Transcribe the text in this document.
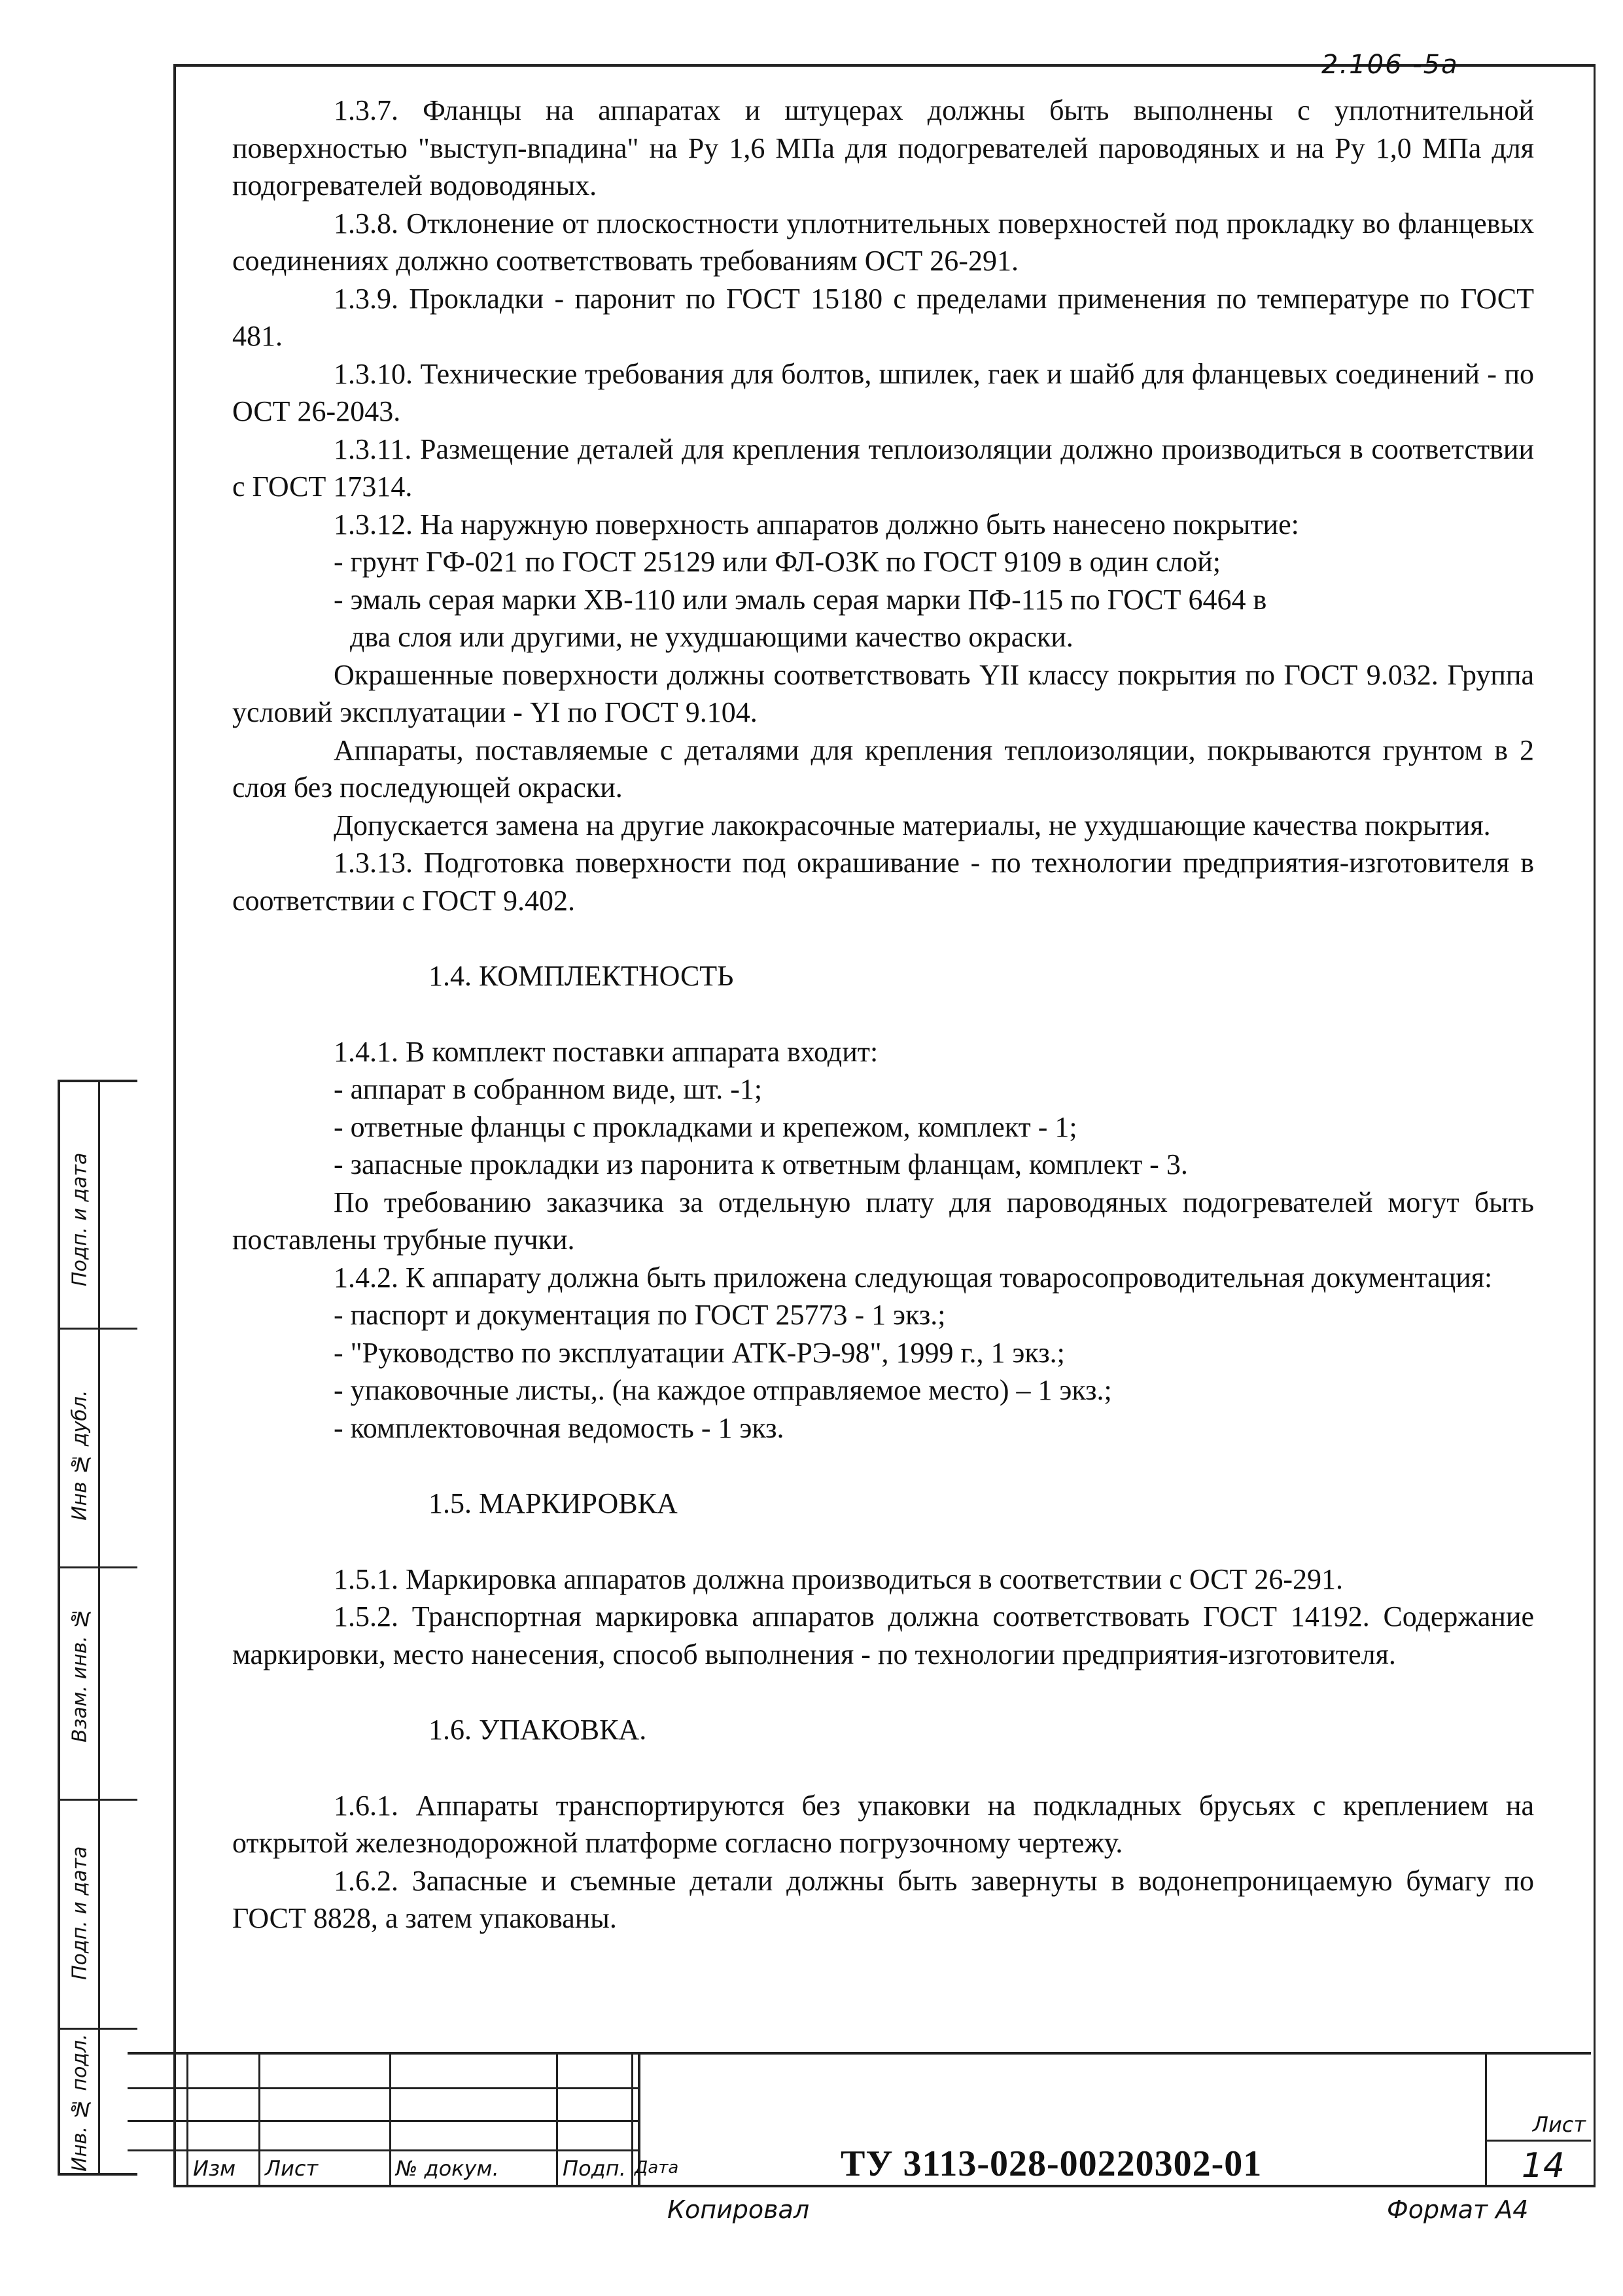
2.106 -5а

1.3.7. Фланцы на аппаратах и штуцерах должны быть выполнены с уплотнительной поверхностью "выступ-впадина" на Ру 1,6 МПа для подогревателей пароводяных и на Ру 1,0 МПа для подогревателей водоводяных.

1.3.8. Отклонение от плоскостности уплотнительных поверхностей под прокладку во фланцевых соединениях должно соответствовать требованиям ОСТ 26-291.

1.3.9. Прокладки - паронит по ГОСТ 15180 с пределами применения по температуре по ГОСТ 481.

1.3.10. Технические требования для болтов, шпилек, гаек и шайб для фланцевых соединений - по ОСТ 26-2043.

1.3.11. Размещение деталей для крепления теплоизоляции должно производиться в соответствии с ГОСТ 17314.

1.3.12. На наружную поверхность аппаратов должно быть нанесено покрытие:

- грунт ГФ-021 по ГОСТ 25129 или ФЛ-ОЗК по ГОСТ 9109 в один слой;

- эмаль серая марки ХВ-110 или эмаль серая марки ПФ-115 по ГОСТ 6464 в

два слоя или другими, не ухудшающими качество окраски.

Окрашенные поверхности должны соответствовать YII классу покрытия по ГОСТ 9.032. Группа условий эксплуатации - YI по ГОСТ 9.104.

Аппараты, поставляемые с деталями для крепления теплоизоляции, покрываются грунтом в 2 слоя без последующей окраски.

Допускается замена на другие лакокрасочные материалы, не ухудшающие качества покрытия.

1.3.13. Подготовка поверхности под окрашивание - по технологии предприятия-изготовителя в соответствии с ГОСТ 9.402.

1.4. КОМПЛЕКТНОСТЬ

1.4.1. В комплект поставки аппарата входит:

- аппарат в собранном виде, шт. -1;

- ответные фланцы с прокладками и крепежом, комплект - 1;

- запасные прокладки из паронита к ответным фланцам, комплект - 3.

По требованию заказчика за отдельную плату для пароводяных подогревателей могут быть поставлены трубные пучки.

1.4.2. К аппарату должна быть приложена следующая товаросопроводительная документация:

- паспорт и документация по ГОСТ 25773 - 1 экз.;

- "Руководство по эксплуатации АТК-РЭ-98", 1999 г., 1 экз.;

- упаковочные листы,. (на каждое отправляемое место) – 1 экз.;

- комплектовочная ведомость - 1 экз.

1.5. МАРКИРОВКА

1.5.1. Маркировка аппаратов должна производиться в соответствии с ОСТ 26-291.

1.5.2. Транспортная маркировка аппаратов должна соответствовать ГОСТ 14192. Содержание маркировки, место нанесения, способ выполнения - по технологии предприятия-изготовителя.

1.6. УПАКОВКА.

1.6.1. Аппараты транспортируются без упаковки на подкладных брусьях с креплением на открытой железнодорожной платформе согласно погрузочному чертежу.

1.6.2. Запасные и съемные детали должны быть завернуты в водонепроницаемую бумагу по ГОСТ 8828, а затем упакованы.

Подп. и дата
Инв № дубл.
Взам. инв. №
Подп. и дата
Инв. № подл.	Изм Лист	№ докум.	Подп. Дата	ТУ 3113-028-00220302-01
Лист
14
Копировал	Формат А4
